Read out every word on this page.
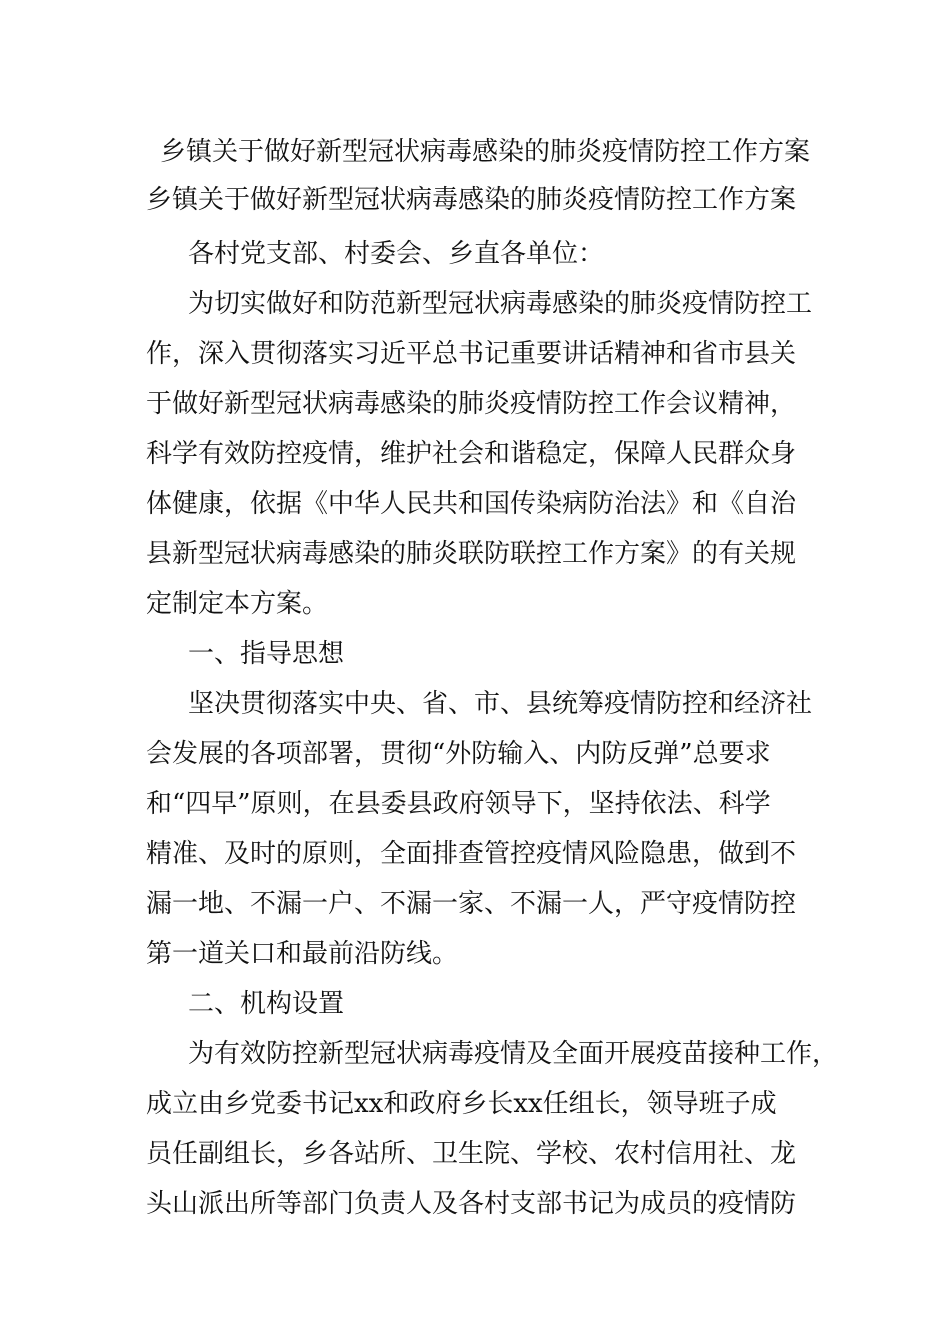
乡镇关于做好新型冠状病毒感染的肺炎疫情防控工作方案
乡镇关于做好新型冠状病毒感染的肺炎疫情防控工作方案
各村党支部、村委会、乡直各单位：
为切实做好和防范新型冠状病毒感染的肺炎疫情防控工
作，深入贯彻落实习近平总书记重要讲话精神和省市县关
于做好新型冠状病毒感染的肺炎疫情防控工作会议精神，
科学有效防控疫情，维护社会和谐稳定，保障人民群众身
体健康，依据《中华人民共和国传染病防治法》和《自治
县新型冠状病毒感染的肺炎联防联控工作方案》的有关规
定制定本方案。
一、指导思想
坚决贯彻落实中央、省、市、县统筹疫情防控和经济社
会发展的各项部署，贯彻“外防输入、内防反弹”总要求
和“四早”原则，在县委县政府领导下，坚持依法、科学
精准、及时的原则，全面排查管控疫情风险隐患，做到不
漏一地、不漏一户、不漏一家、不漏一人，严守疫情防控
第一道关口和最前沿防线。
二、机构设置
为有效防控新型冠状病毒疫情及全面开展疫苗接种工作，
成立由乡党委书记xx和政府乡长xx任组长，领导班子成
员任副组长，乡各站所、卫生院、学校、农村信用社、龙
头山派出所等部门负责人及各村支部书记为成员的疫情防
